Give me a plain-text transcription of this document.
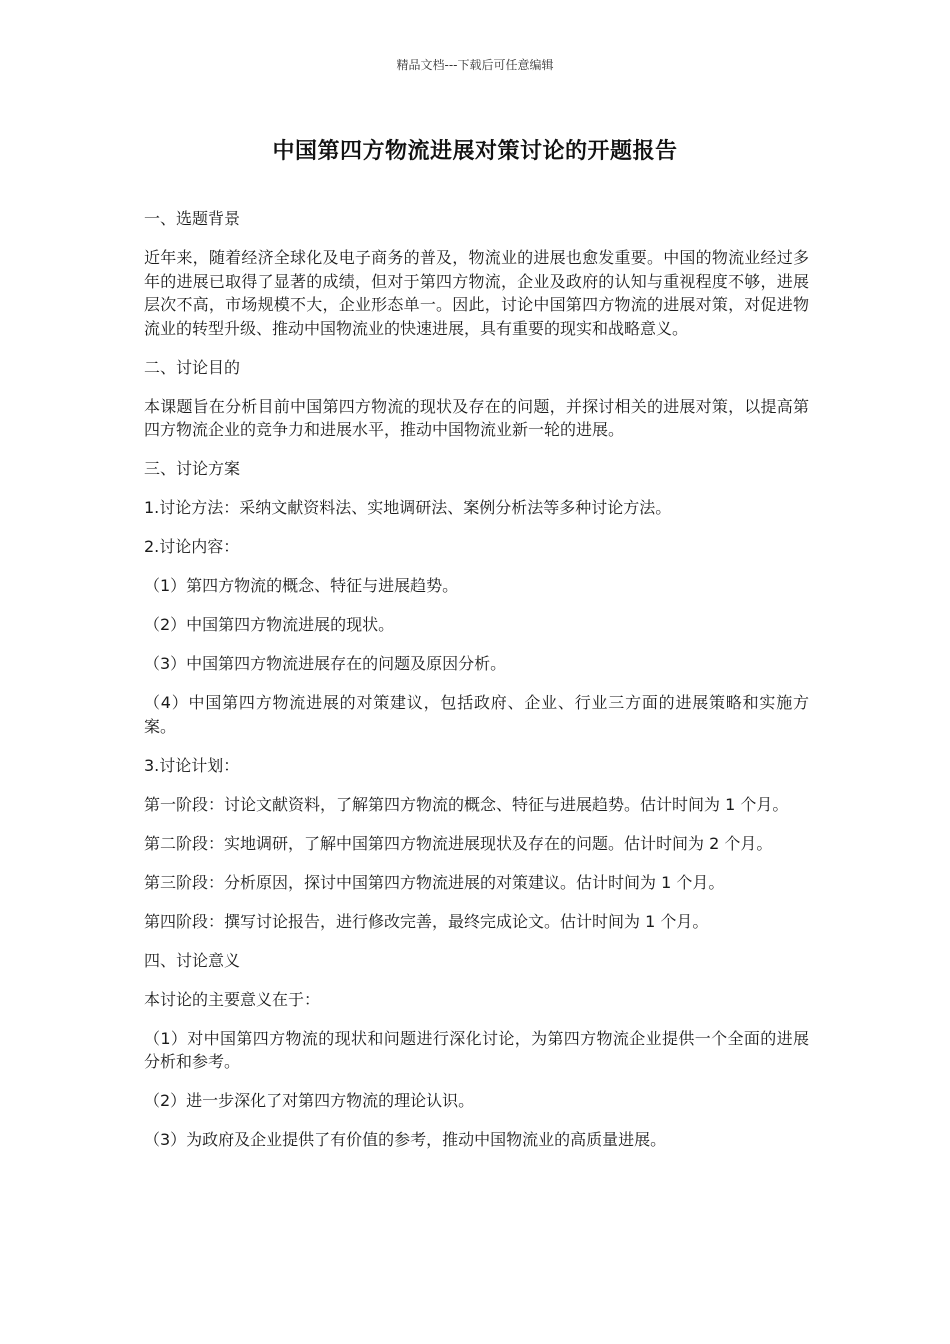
精品文档---下载后可任意编辑
中国第四方物流进展对策讨论的开题报告

一、选题背景

近年来，随着经济全球化及电子商务的普及，物流业的进展也愈发重要。中国的物流业经过多年的进展已取得了显著的成绩，但对于第四方物流，企业及政府的认知与重视程度不够，进展层次不高，市场规模不大，企业形态单一。因此，讨论中国第四方物流的进展对策，对促进物流业的转型升级、推动中国物流业的快速进展，具有重要的现实和战略意义。

二、讨论目的

本课题旨在分析目前中国第四方物流的现状及存在的问题，并探讨相关的进展对策，以提高第四方物流企业的竞争力和进展水平，推动中国物流业新一轮的进展。

三、讨论方案

1.讨论方法：采纳文献资料法、实地调研法、案例分析法等多种讨论方法。

2.讨论内容：

（1）第四方物流的概念、特征与进展趋势。

（2）中国第四方物流进展的现状。

（3）中国第四方物流进展存在的问题及原因分析。

（4）中国第四方物流进展的对策建议，包括政府、企业、行业三方面的进展策略和实施方案。

3.讨论计划：

第一阶段：讨论文献资料，了解第四方物流的概念、特征与进展趋势。估计时间为 1 个月。

第二阶段：实地调研，了解中国第四方物流进展现状及存在的问题。估计时间为 2 个月。

第三阶段：分析原因，探讨中国第四方物流进展的对策建议。估计时间为 1 个月。

第四阶段：撰写讨论报告，进行修改完善，最终完成论文。估计时间为 1 个月。

四、讨论意义

本讨论的主要意义在于：

（1）对中国第四方物流的现状和问题进行深化讨论，为第四方物流企业提供一个全面的进展分析和参考。

（2）进一步深化了对第四方物流的理论认识。

（3）为政府及企业提供了有价值的参考，推动中国物流业的高质量进展。
